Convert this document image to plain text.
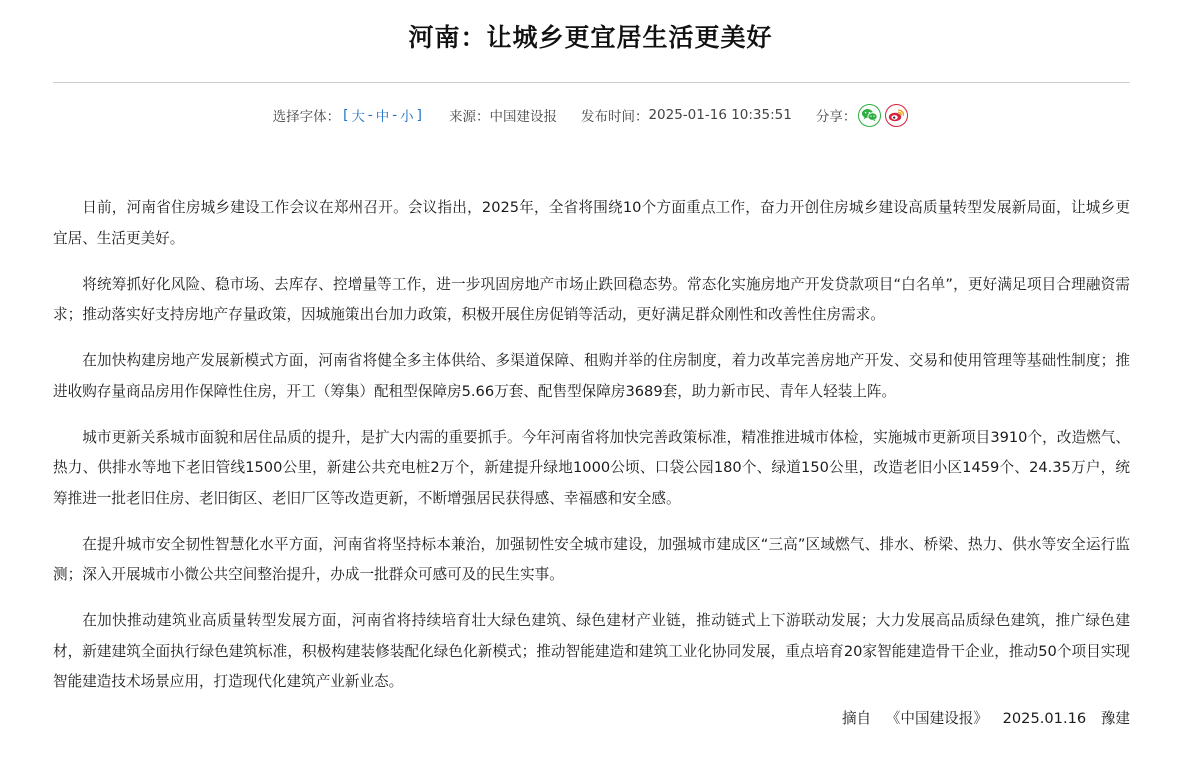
河南：让城乡更宜居生活更美好
选择字体： [ 大 - 中 - 小 ] 来源： 中国建设报 发布时间： 2025-01-16 10:35:51 分享：

日前，河南省住房城乡建设工作会议在郑州召开。会议指出，2025年，全省将围绕10个方面重点工作，奋力开创住房城乡建设高质量转型发展新局面，让城乡更宜居、生活更美好。

将统筹抓好化风险、稳市场、去库存、控增量等工作，进一步巩固房地产市场止跌回稳态势。常态化实施房地产开发贷款项目“白名单”，更好满足项目合理融资需求；推动落实好支持房地产存量政策，因城施策出台加力政策，积极开展住房促销等活动，更好满足群众刚性和改善性住房需求。

在加快构建房地产发展新模式方面，河南省将健全多主体供给、多渠道保障、租购并举的住房制度，着力改革完善房地产开发、交易和使用管理等基础性制度；推进收购存量商品房用作保障性住房，开工（筹集）配租型保障房5.66万套、配售型保障房3689套，助力新市民、青年人轻装上阵。

城市更新关系城市面貌和居住品质的提升，是扩大内需的重要抓手。今年河南省将加快完善政策标准，精准推进城市体检，实施城市更新项目3910个，改造燃气、热力、供排水等地下老旧管线1500公里，新建公共充电桩2万个，新建提升绿地1000公顷、口袋公园180个、绿道150公里，改造老旧小区1459个、24.35万户，统筹推进一批老旧住房、老旧街区、老旧厂区等改造更新，不断增强居民获得感、幸福感和安全感。

在提升城市安全韧性智慧化水平方面，河南省将坚持标本兼治，加强韧性安全城市建设，加强城市建成区“三高”区域燃气、排水、桥梁、热力、供水等安全运行监测；深入开展城市小微公共空间整治提升，办成一批群众可感可及的民生实事。

在加快推动建筑业高质量转型发展方面，河南省将持续培育壮大绿色建筑、绿色建材产业链，推动链式上下游联动发展；大力发展高品质绿色建筑，推广绿色建材，新建建筑全面执行绿色建筑标准，积极构建装修装配化绿色化新模式；推动智能建造和建筑工业化协同发展，重点培育20家智能建造骨干企业，推动50个项目实现智能建造技术场景应用，打造现代化建筑产业新业态。

摘自 《中国建设报》 2025.01.16 豫建
